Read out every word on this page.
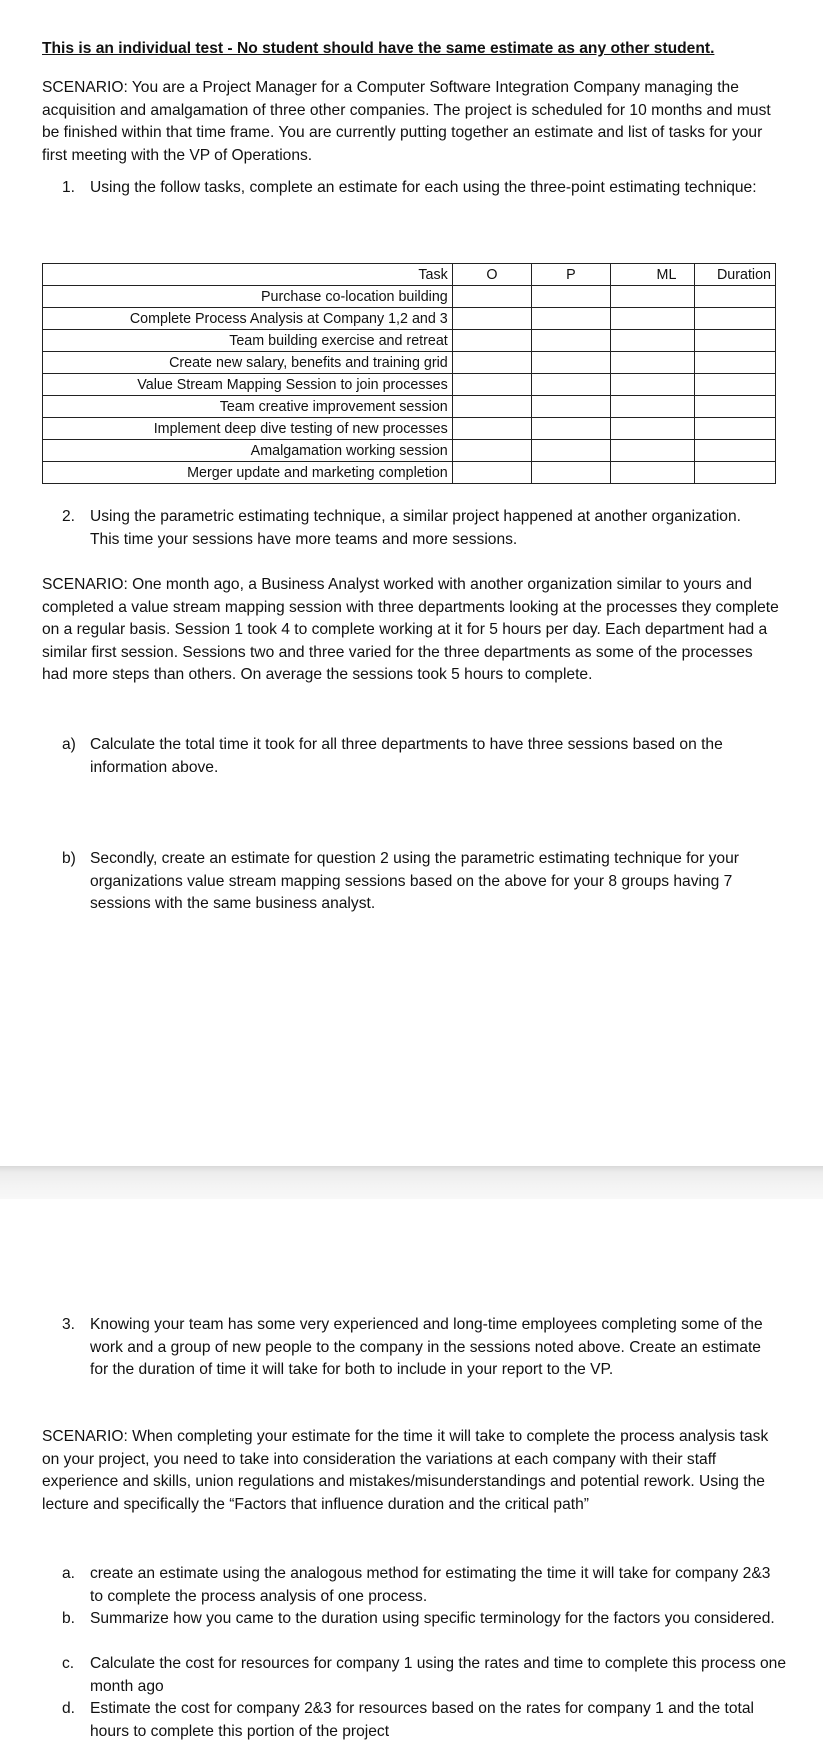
This is an individual test - No student should have the same estimate as any other student.
SCENARIO: You are a Project Manager for a Computer Software Integration Company managing the acquisition and amalgamation of three other companies. The project is scheduled for 10 months and must be finished within that time frame. You are currently putting together an estimate and list of tasks for your first meeting with the VP of Operations.
1. Using the follow tasks, complete an estimate for each using the three-point estimating technique:
Task	O	P	ML	Duration
Purchase co-location building				
Complete Process Analysis at Company 1,2 and 3				
Team building exercise and retreat				
Create new salary, benefits and training grid				
Value Stream Mapping Session to join processes				
Team creative improvement session				
Implement deep dive testing of new processes				
Amalgamation working session				
Merger update and marketing completion				
2. Using the parametric estimating technique, a similar project happened at another organization. This time your sessions have more teams and more sessions.
SCENARIO: One month ago, a Business Analyst worked with another organization similar to yours and completed a value stream mapping session with three departments looking at the processes they complete on a regular basis. Session 1 took 4 to complete working at it for 5 hours per day. Each department had a similar first session. Sessions two and three varied for the three departments as some of the processes had more steps than others. On average the sessions took 5 hours to complete.
a) Calculate the total time it took for all three departments to have three sessions based on the information above.
b) Secondly, create an estimate for question 2 using the parametric estimating technique for your organizations value stream mapping sessions based on the above for your 8 groups having 7 sessions with the same business analyst.
3. Knowing your team has some very experienced and long-time employees completing some of the work and a group of new people to the company in the sessions noted above. Create an estimate for the duration of time it will take for both to include in your report to the VP.
SCENARIO: When completing your estimate for the time it will take to complete the process analysis task on your project, you need to take into consideration the variations at each company with their staff experience and skills, union regulations and mistakes/misunderstandings and potential rework. Using the lecture and specifically the “Factors that influence duration and the critical path”
a. create an estimate using the analogous method for estimating the time it will take for company 2&3 to complete the process analysis of one process.
b. Summarize how you came to the duration using specific terminology for the factors you considered.
c. Calculate the cost for resources for company 1 using the rates and time to complete this process one month ago
d. Estimate the cost for company 2&3 for resources based on the rates for company 1 and the total hours to complete this portion of the project
